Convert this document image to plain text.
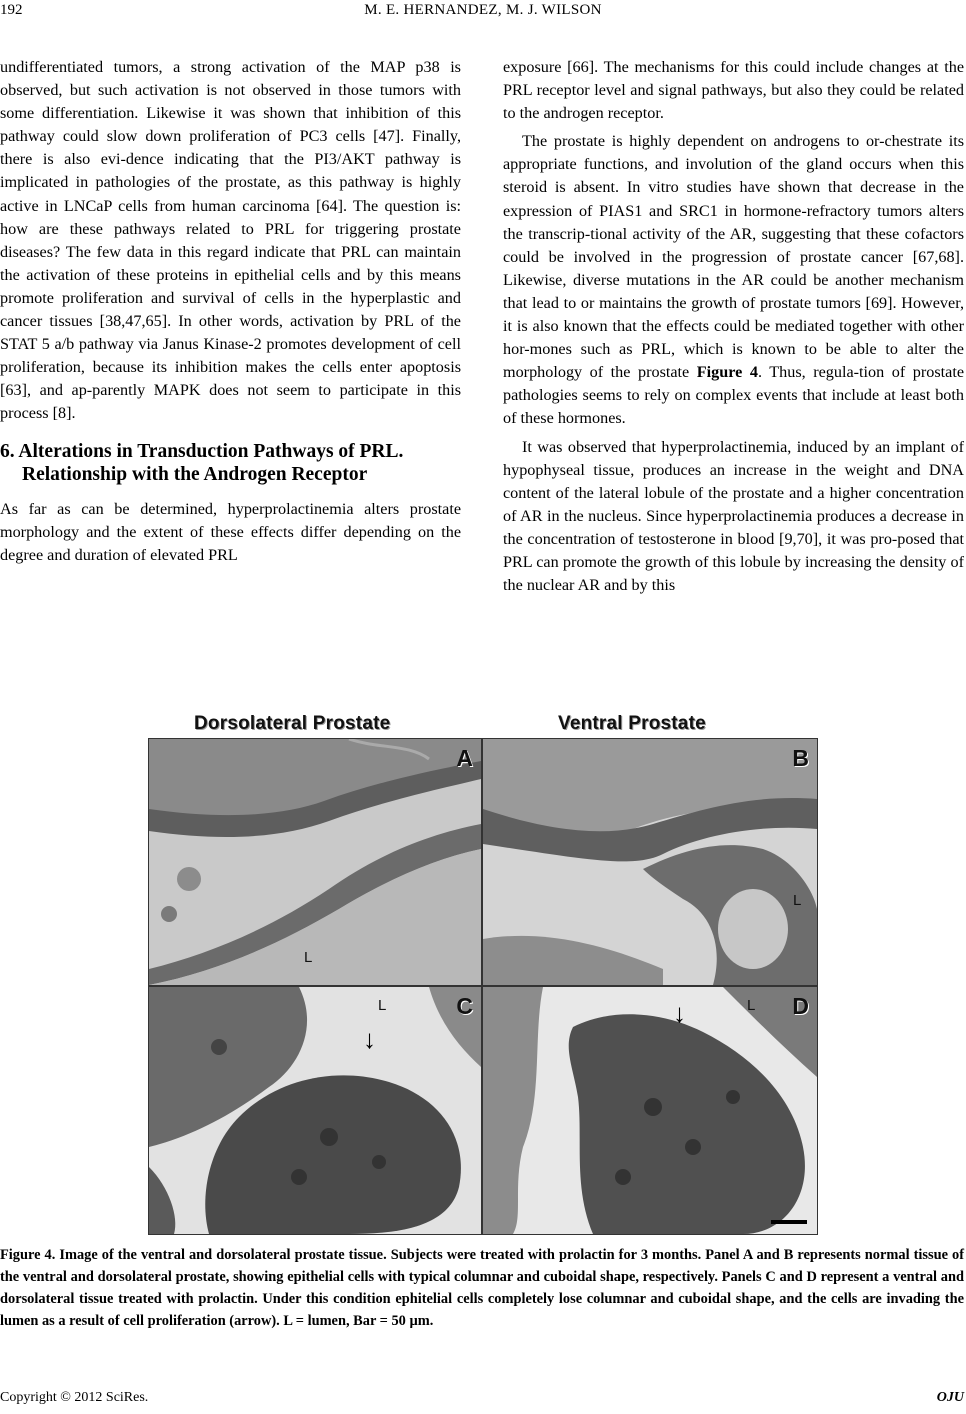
192	M. E. HERNANDEZ, M. J. WILSON

undifferentiated tumors, a strong activation of the MAP p38 is observed, but such activation is not observed in those tumors with some differentiation. Likewise it was shown that inhibition of this pathway could slow down proliferation of PC3 cells [47]. Finally, there is also evi-dence indicating that the PI3/AKT pathway is implicated in pathologies of the prostate, as this pathway is highly active in LNCaP cells from human carcinoma [64]. The question is: how are these pathways related to PRL for triggering prostate diseases? The few data in this regard indicate that PRL can maintain the activation of these proteins in epithelial cells and by this means promote proliferation and survival of cells in the hyperplastic and cancer tissues [38,47,65]. In other words, activation by PRL of the STAT 5 a/b pathway via Janus Kinase-2 promotes development of cell proliferation, because its inhibition makes the cells enter apoptosis [63], and ap-parently MAPK does not seem to participate in this process [8].

6. Alterations in Transduction Pathways of PRL. Relationship with the Androgen Receptor

As far as can be determined, hyperprolactinemia alters prostate morphology and the extent of these effects differ depending on the degree and duration of elevated PRL

exposure [66]. The mechanisms for this could include changes at the PRL receptor level and signal pathways, but also they could be related to the androgen receptor.

The prostate is highly dependent on androgens to or-chestrate its appropriate functions, and involution of the gland occurs when this steroid is absent. In vitro studies have shown that decrease in the expression of PIAS1 and SRC1 in hormone-refractory tumors alters the transcrip-tional activity of the AR, suggesting that these cofactors could be involved in the progression of prostate cancer [67,68]. Likewise, diverse mutations in the AR could be another mechanism that lead to or maintains the growth of prostate tumors [69]. However, it is also known that the effects could be mediated together with other hor-mones such as PRL, which is known to be able to alter the morphology of the prostate Figure 4. Thus, regula-tion of prostate pathologies seems to rely on complex events that include at least both of these hormones.

It was observed that hyperprolactinemia, induced by an implant of hypophyseal tissue, produces an increase in the weight and DNA content of the lateral lobule of the prostate and a higher concentration of AR in the nucleus. Since hyperprolactinemia produces a decrease in the concentration of testosterone in blood [9,70], it was pro-posed that PRL can promote the growth of this lobule by increasing the density of the nuclear AR and by this

Dorsolateral Prostate	Ventral Prostate
A
L
B
L
C
L
↓
D
L
↓
Figure 4. Image of the ventral and dorsolateral prostate tissue. Subjects were treated with prolactin for 3 months. Panel A and B represents normal tissue of the ventral and dorsolateral prostate, showing epithelial cells with typical columnar and cuboidal shape, respectively. Panels C and D represent a ventral and dorsolateral tissue treated with prolactin. Under this condition ephitelial cells completely lose columnar and cuboidal shape, and the cells are invading the lumen as a result of cell proliferation (arrow). L = lumen, Bar = 50 µm.
Copyright © 2012 SciRes.	OJU
